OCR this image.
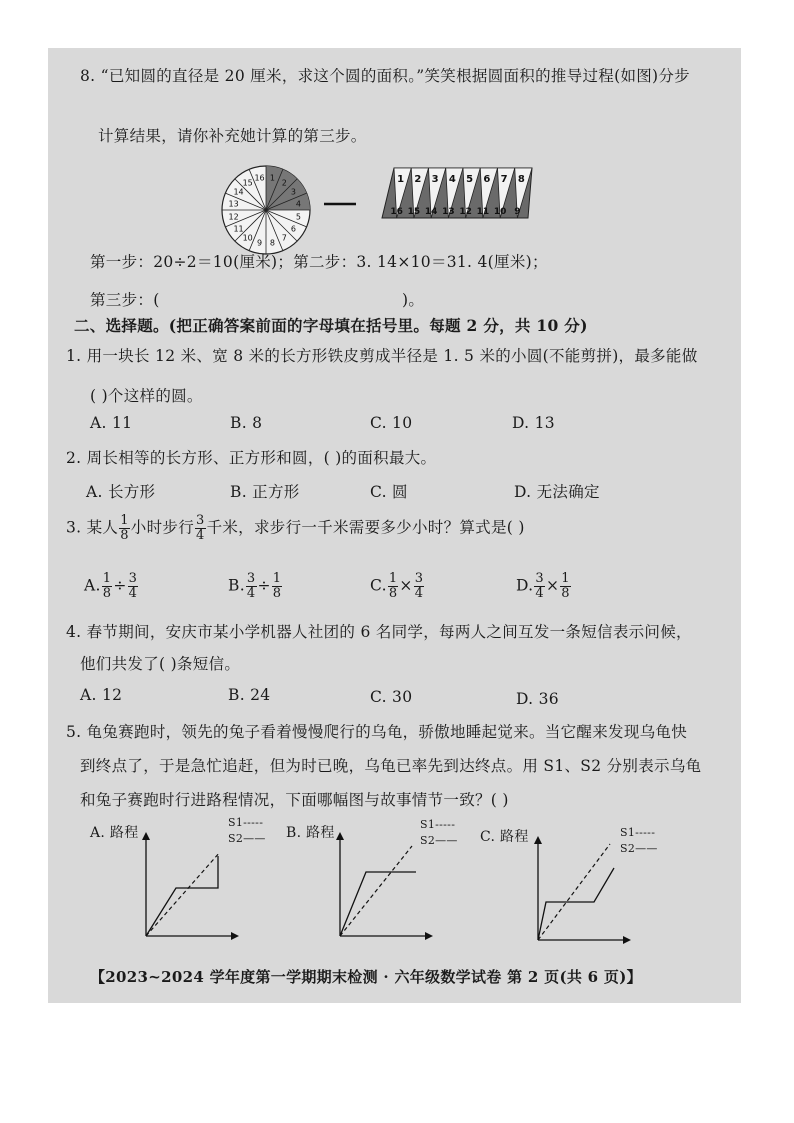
8. “已知圆的直径是 20 厘米，求这个圆的面积。”笑笑根据圆面积的推导过程(如图)分步
计算结果，请你补充她计算的第三步。
1
2
3
4
5
6
7
8
9
10
11
12
13
14
15
16	1
16
2
15
3
14
4
13
5
12
6
11
7
10
8
9
第一步：20÷2＝10(厘米)；第二步：3. 14×10＝31. 4(厘米)；
第三步：(	)。
二、选择题。(把正确答案前面的字母填在括号里。每题 2 分，共 10 分)
1. 用一块长 12 米、宽 8 米的长方形铁皮剪成半径是 1. 5 米的小圆(不能剪拼)，最多能做
( )个这样的圆。
A. 11	B. 8	C. 10	D. 13
2. 周长相等的长方形、正方形和圆，( )的面积最大。
A. 长方形	B. 正方形	C. 圆	D. 无法确定
3. 某人 $\frac{1}{8}$ 小时步行 $\frac{3}{4}$ 千米，求步行一千米需要多少小时？算式是( )
A. $\frac{1}{8} \div \frac{3}{4}$	B. $\frac{3}{4} \div \frac{1}{8}$	C. $\frac{1}{8} \times \frac{3}{4}$	D. $\frac{3}{4} \times \frac{1}{8}$
4. 春节期间，安庆市某小学机器人社团的 6 名同学，每两人之间互发一条短信表示问候，
他们共发了( )条短信。
A. 12	B. 24	C. 30	D. 36
5. 龟兔赛跑时，领先的兔子看着慢慢爬行的乌龟，骄傲地睡起觉来。当它醒来发现乌龟快
到终点了，于是急忙追赶，但为时已晚，乌龟已率先到达终点。用 S1、S2 分别表示乌龟
和兔子赛跑时行进路程情况，下面哪幅图与故事情节一致？( )
A. 路程
S1-----
S2—— B. 路程
S1-----
S2—— C. 路程	S1-----
S2——
【2023~2024 学年度第一学期期末检测 · 六年级数学试卷 第 2 页(共 6 页)】
